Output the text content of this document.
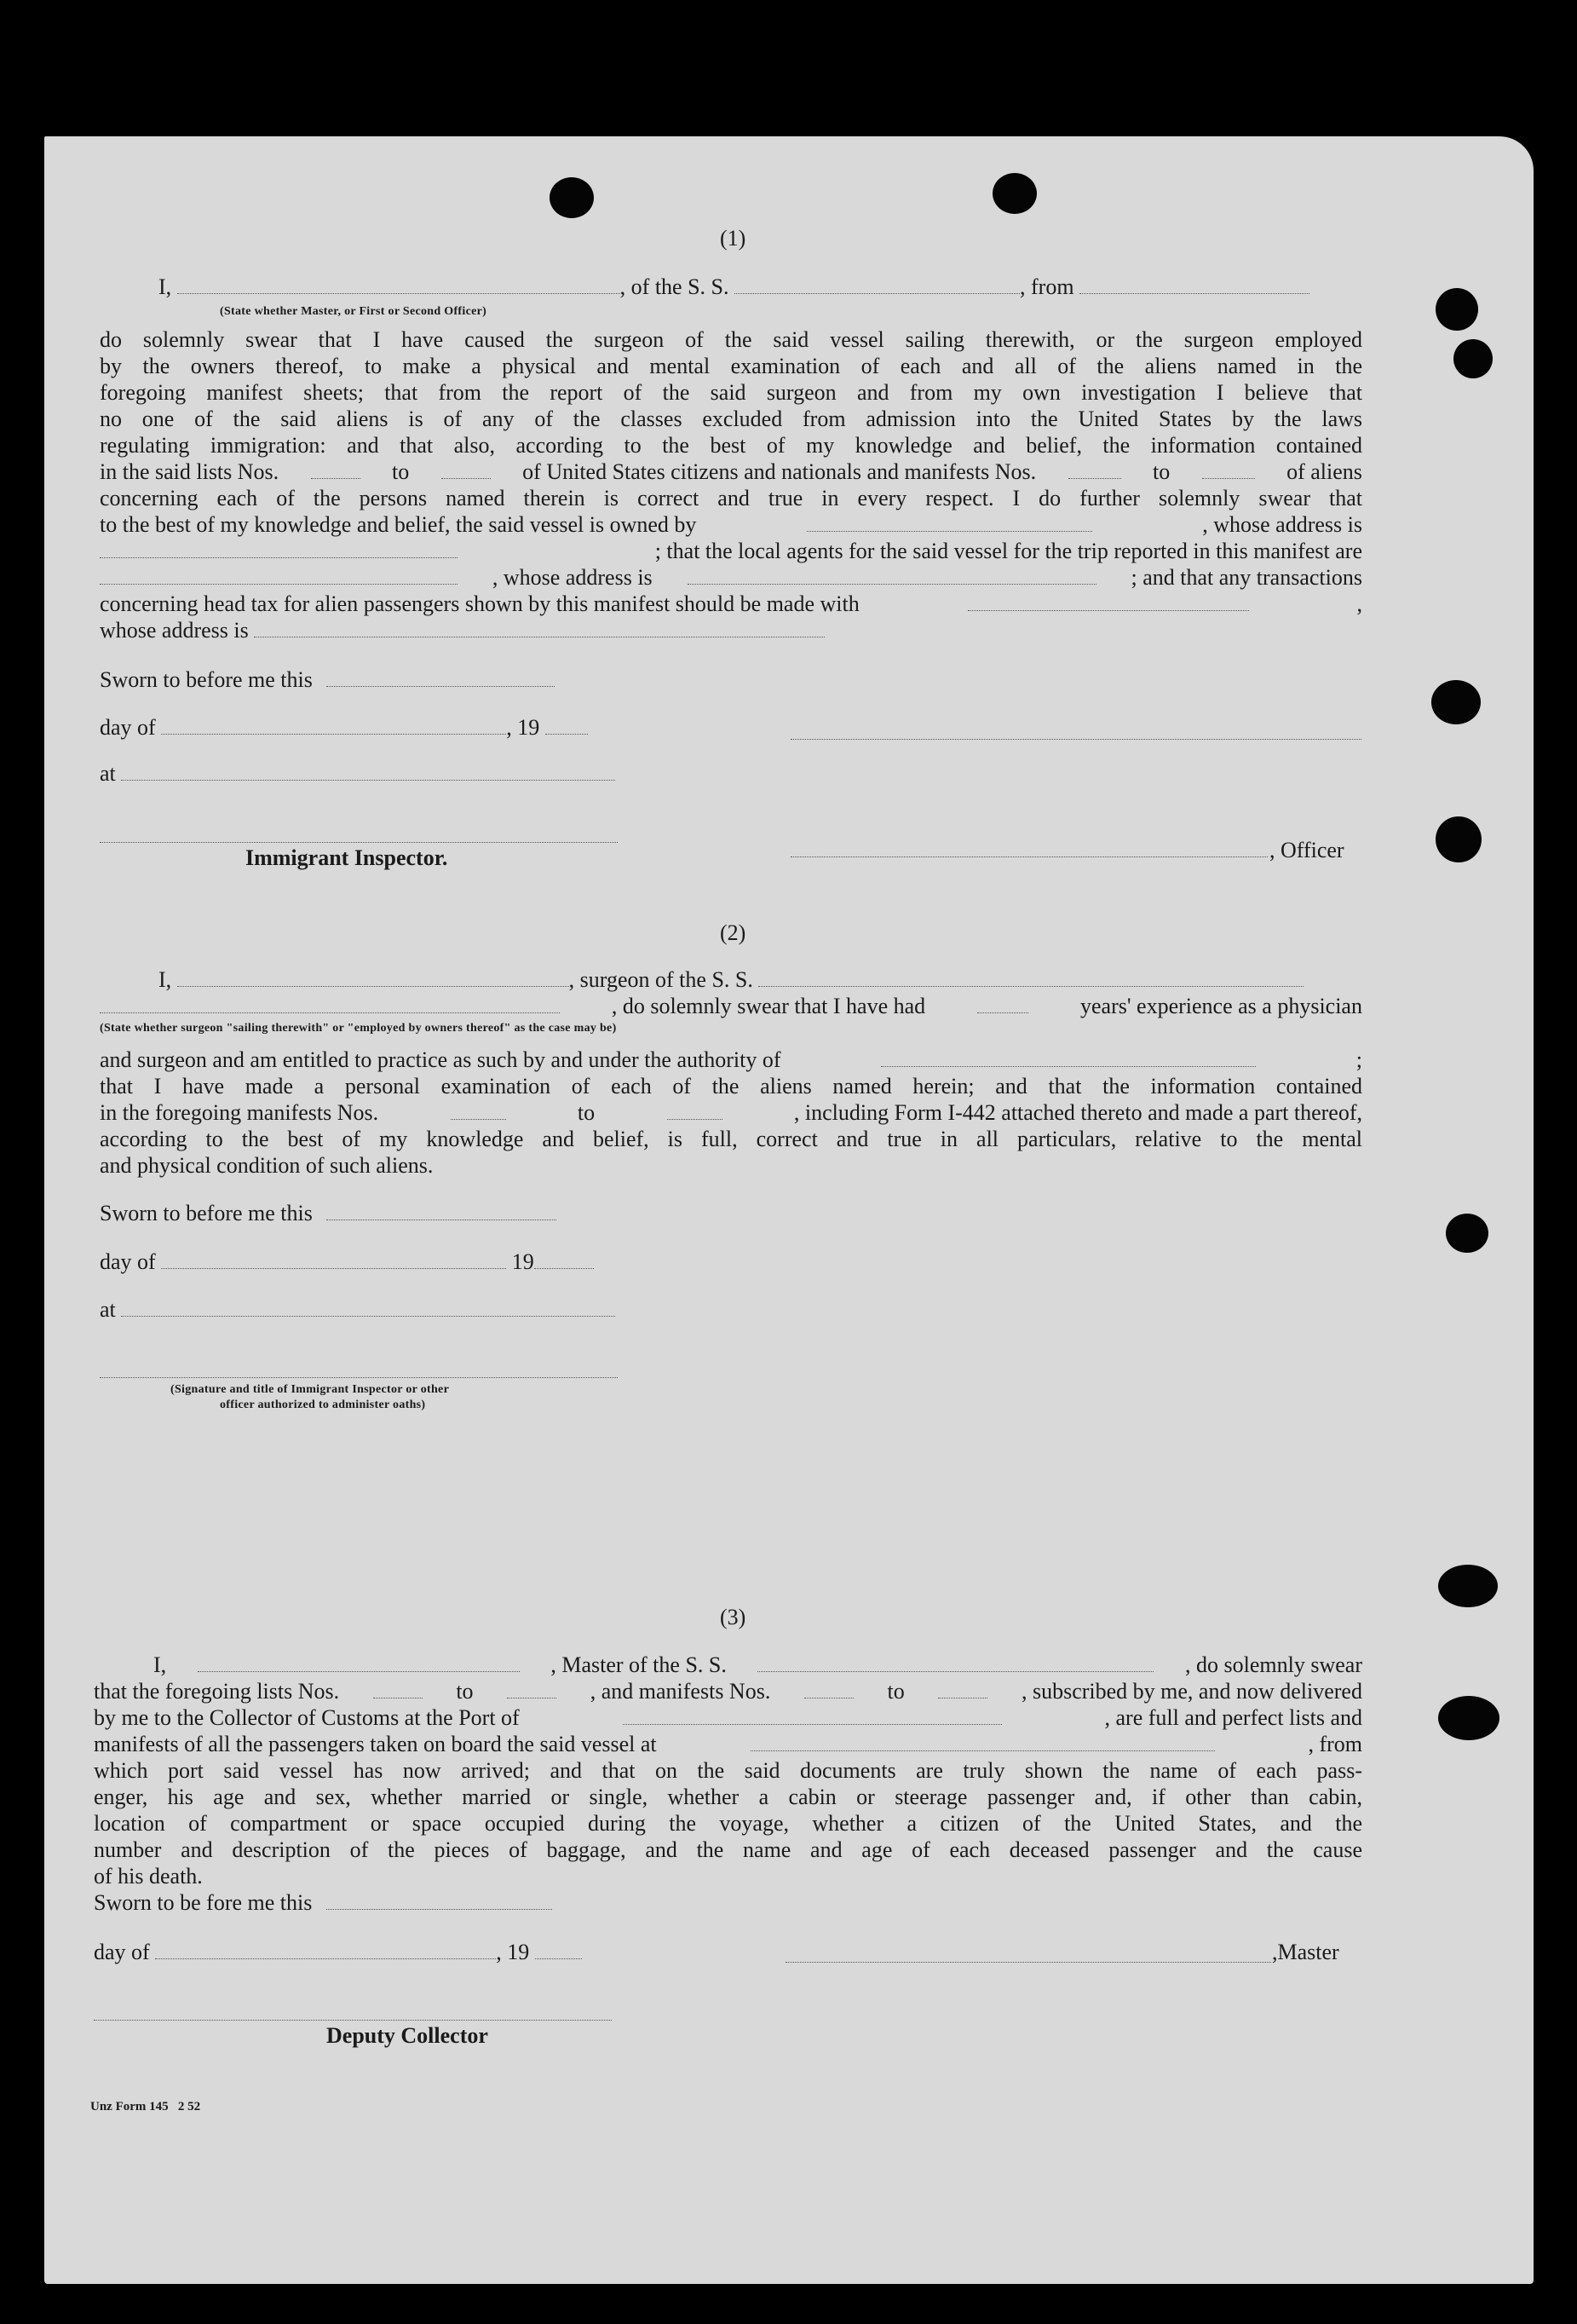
(1)
I,	, of the S. S.	, from
(State whether Master, or First or Second Officer)
do solemnly swear that I have caused the surgeon of the said vessel sailing therewith, or the surgeon employed
by the owners thereof, to make a physical and mental examination of each and all of the aliens named in the
foregoing manifest sheets; that from the report of the said surgeon and from my own investigation I believe that
no one of the said aliens is of any of the classes excluded from admission into the United States by the laws
regulating immigration: and that also, according to the best of my knowledge and belief, the information contained
in the said lists Nos.	to	of United States citizens and nationals and manifests Nos.	to	of aliens
concerning each of the persons named therein is correct and true in every respect. I do further solemnly swear that
to the best of my knowledge and belief, the said vessel is owned by	, whose address is
; that the local agents for the said vessel for the trip reported in this manifest are
, whose address is	; and that any transactions
concerning head tax for alien passengers shown by this manifest should be made with	,
whose address is
Sworn to before me this
day of	, 19
at
Immigrant Inspector.	, Officer
(2)
I,	, surgeon of the S. S.
, do solemnly swear that I have had	years' experience as a physician
(State whether surgeon "sailing therewith" or "employed by owners thereof" as the case may be)
and surgeon and am entitled to practice as such by and under the authority of	;
that I have made a personal examination of each of the aliens named herein; and that the information contained
in the foregoing manifests Nos.	to	, including Form I-442 attached thereto and made a part thereof,
according to the best of my knowledge and belief, is full, correct and true in all particulars, relative to the mental
and physical condition of such aliens.
Sworn to before me this
day of	19
at
(Signature and title of Immigrant Inspector or other
officer authorized to administer oaths)
(3)
I,	, Master of the S. S.	, do solemnly swear
that the foregoing lists Nos.	to	, and manifests Nos.	to	, subscribed by me, and now delivered
by me to the Collector of Customs at the Port of	, are full and perfect lists and
manifests of all the passengers taken on board the said vessel at	, from
which port said vessel has now arrived; and that on the said documents are truly shown the name of each pass-
enger, his age and sex, whether married or single, whether a cabin or steerage passenger and, if other than cabin,
location of compartment or space occupied during the voyage, whether a citizen of the United States, and the
number and description of the pieces of baggage, and the name and age of each deceased passenger and the cause
of his death.
Sworn to be fore me this
day of	, 19	,Master
Deputy Collector
Unz Form 145   2 52
